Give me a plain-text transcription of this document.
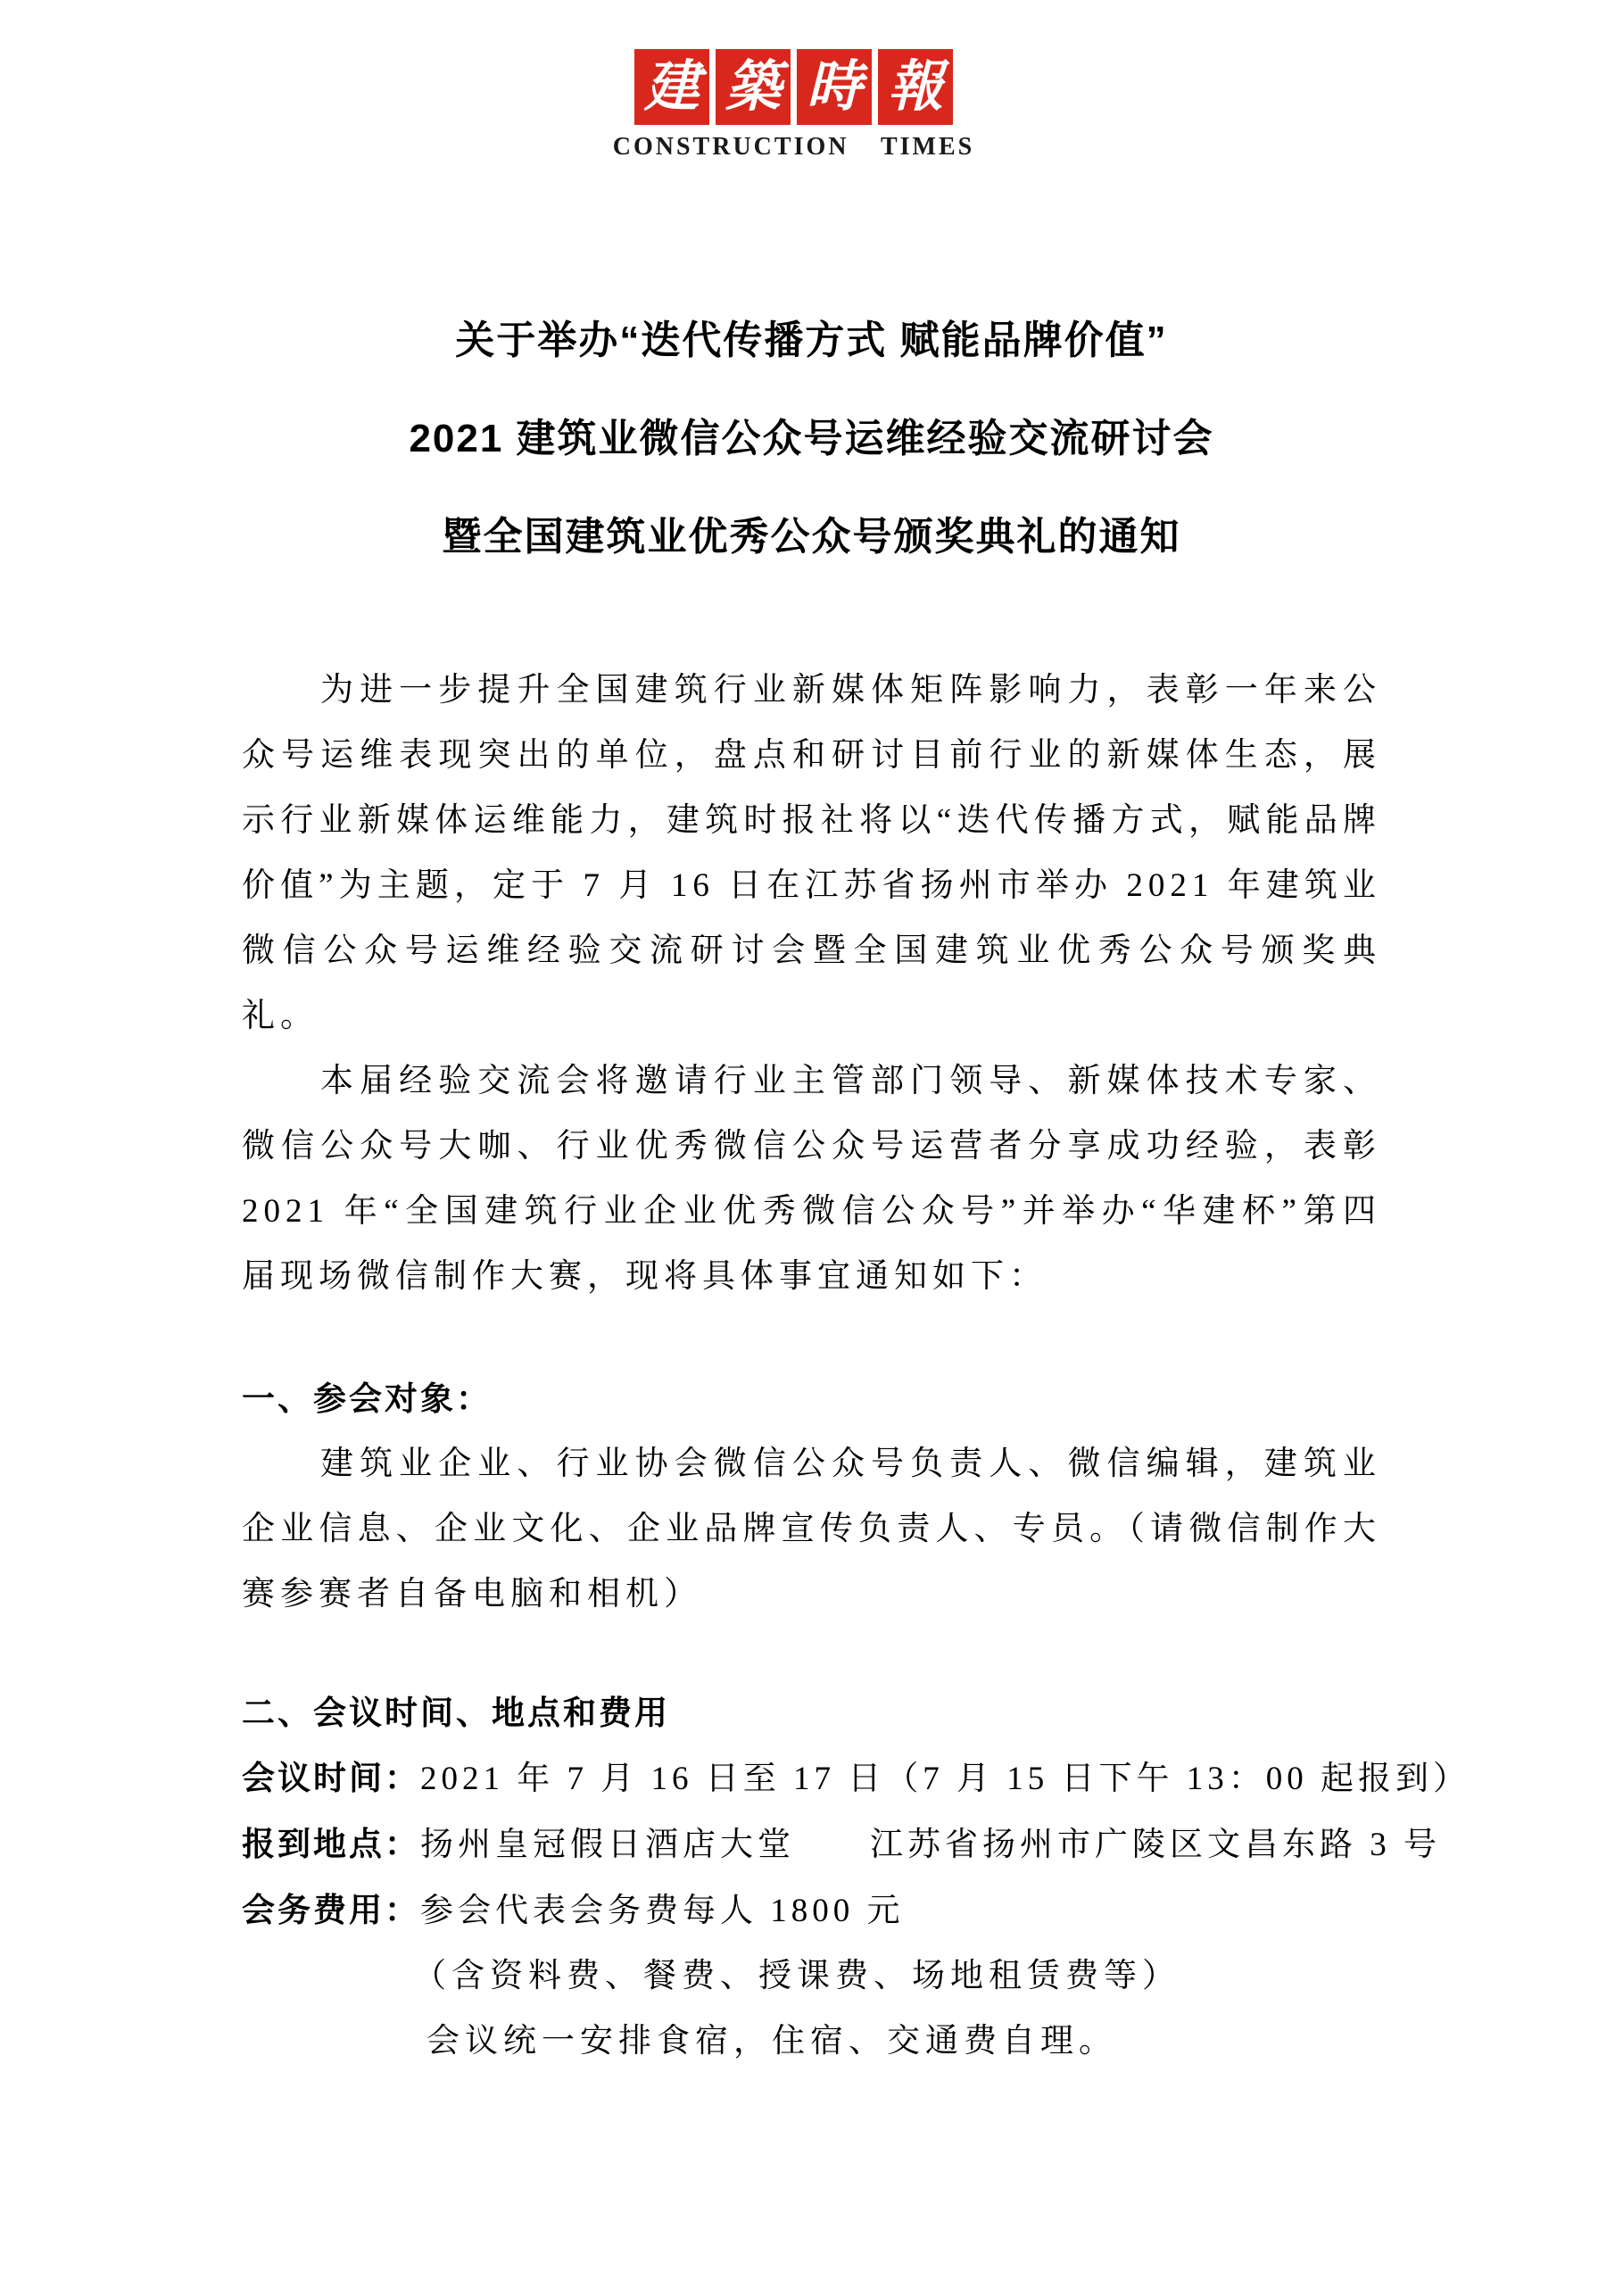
建 築 時 報
CONSTRUCTION TIMES
关于举办“迭代传播方式 赋能品牌价值”
2021 建筑业微信公众号运维经验交流研讨会
暨全国建筑业优秀公众号颁奖典礼的通知

为进一步提升全国建筑行业新媒体矩阵影响力，表彰一年来公众号运维表现突出的单位，盘点和研讨目前行业的新媒体生态，展示行业新媒体运维能力，建筑时报社将以“迭代传播方式，赋能品牌价值”为主题，定于 7 月 16 日在江苏省扬州市举办 2021 年建筑业微信公众号运维经验交流研讨会暨全国建筑业优秀公众号颁奖典礼。

本届经验交流会将邀请行业主管部门领导、新媒体技术专家、微信公众号大咖、行业优秀微信公众号运营者分享成功经验，表彰 2021 年“全国建筑行业企业优秀微信公众号”并举办“华建杯”第四届现场微信制作大赛，现将具体事宜通知如下：

一、参会对象：

建筑业企业、行业协会微信公众号负责人、微信编辑，建筑业企业信息、企业文化、企业品牌宣传负责人、专员。（请微信制作大赛参赛者自备电脑和相机）

二、会议时间、地点和费用
会议时间：2021 年 7 月 16 日至 17 日（7 月 15 日下午 13：00 起报到）
报到地点：扬州皇冠假日酒店大堂　　江苏省扬州市广陵区文昌东路 3 号
会务费用：参会代表会务费每人 1800 元
（含资料费、餐费、授课费、场地租赁费等）
会议统一安排食宿，住宿、交通费自理。
